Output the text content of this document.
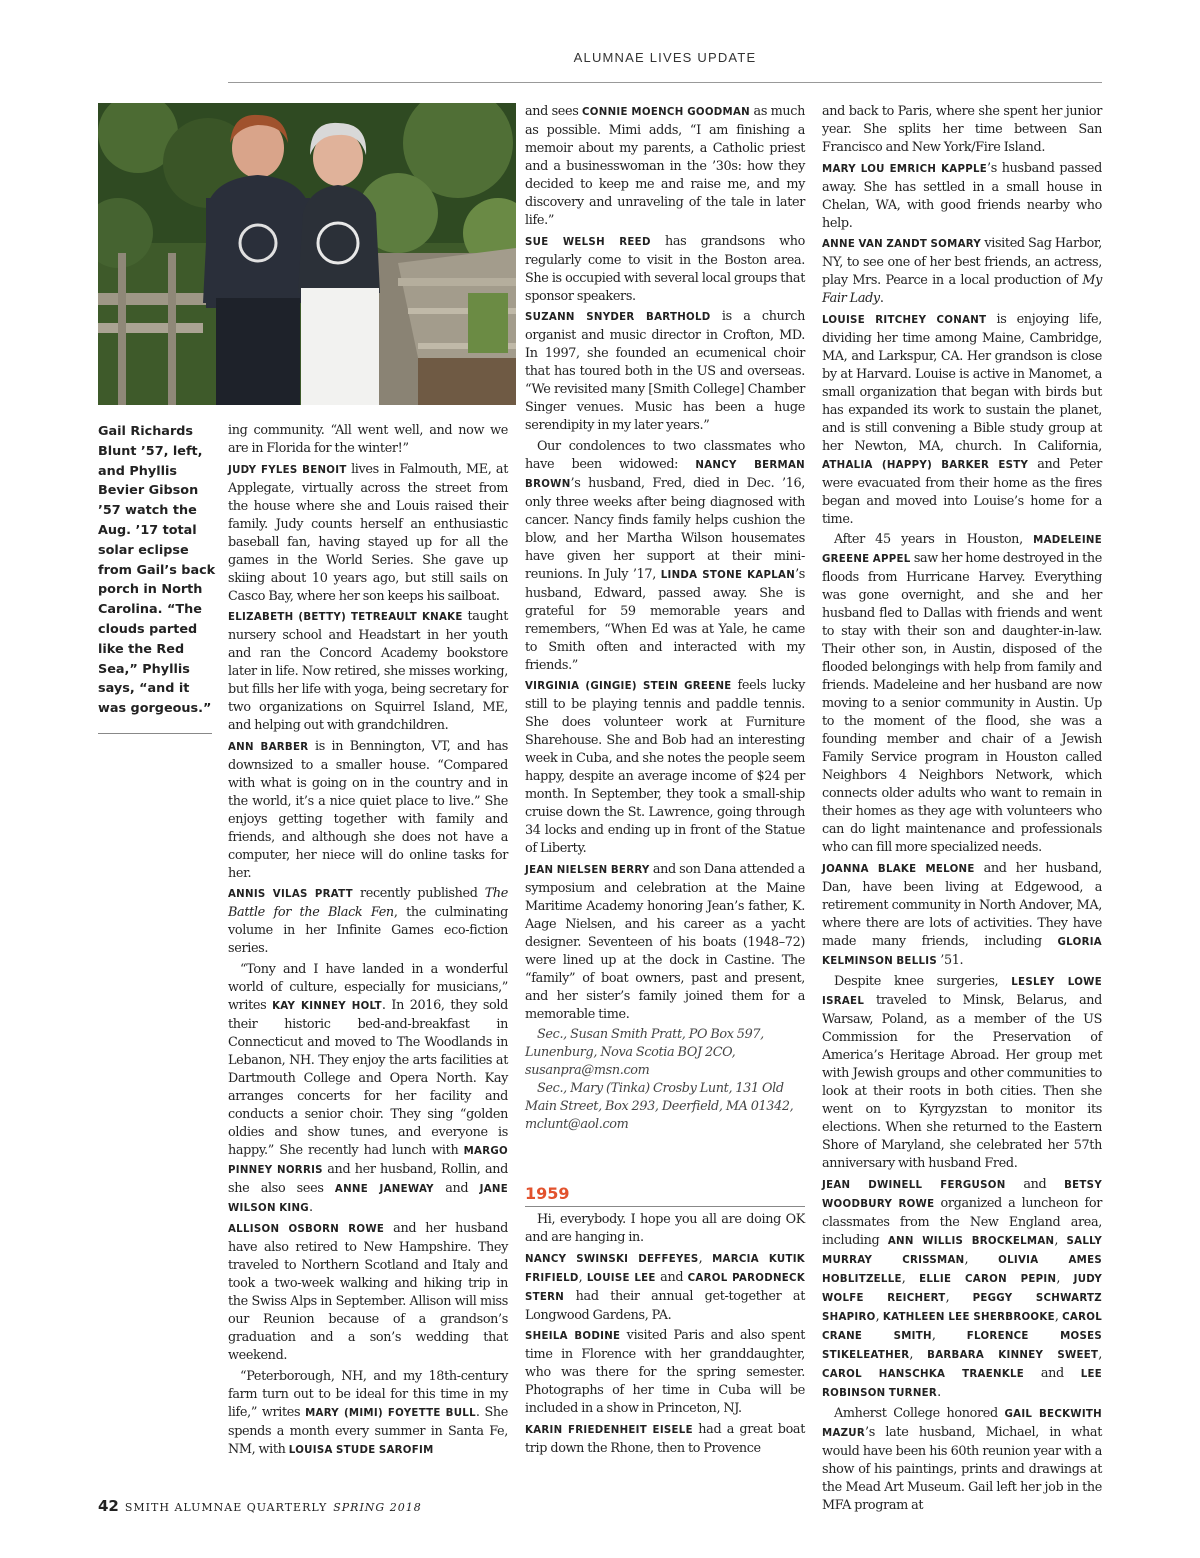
ALUMNAE LIVES UPDATE
Gail Richards Blunt ’57, left, and Phyllis Bevier Gibson ’57 watch the Aug. ’17 total solar eclipse from Gail’s back porch in North Carolina. “The clouds parted like the Red Sea,” Phyllis says, “and it was gorgeous.”

ing community. “All went well, and now we are in Florida for the winter!”

JUDY FYLES BENOIT lives in Falmouth, ME, at Applegate, virtually across the street from the house where she and Louis raised their family. Judy counts herself an enthusiastic baseball fan, having stayed up for all the games in the World Series. She gave up skiing about 10 years ago, but still sails on Casco Bay, where her son keeps his sailboat.

ELIZABETH (BETTY) TETREAULT KNAKE taught nursery school and Headstart in her youth and ran the Concord Academy bookstore later in life. Now retired, she misses working, but fills her life with yoga, being secretary for two organizations on Squirrel Island, ME, and helping out with grandchildren.

ANN BARBER is in Bennington, VT, and has downsized to a smaller house. “Compared with what is going on in the country and in the world, it’s a nice quiet place to live.” She enjoys getting together with family and friends, and although she does not have a computer, her niece will do online tasks for her.

ANNIS VILAS PRATT recently published The Battle for the Black Fen, the culminating volume in her Infinite Games eco-fiction series.

“Tony and I have landed in a wonderful world of culture, especially for musicians,” writes KAY KINNEY HOLT. In 2016, they sold their historic bed-and-breakfast in Connecticut and moved to The Woodlands in Lebanon, NH. They enjoy the arts facilities at Dartmouth College and Opera North. Kay arranges concerts for her facility and conducts a senior choir. They sing “golden oldies and show tunes, and everyone is happy.” She recently had lunch with MARGO PINNEY NORRIS and her husband, Rollin, and she also sees ANNE JANEWAY and JANE WILSON KING.

ALLISON OSBORN ROWE and her husband have also retired to New Hampshire. They traveled to Northern Scotland and Italy and took a two-week walking and hiking trip in the Swiss Alps in September. Allison will miss our Reunion because of a grandson’s graduation and a son’s wedding that weekend.

“Peterborough, NH, and my 18th-century farm turn out to be ideal for this time in my life,” writes MARY (MIMI) FOYETTE BULL. She spends a month every summer in Santa Fe, NM, with LOUISA STUDE SAROFIM

and sees CONNIE MOENCH GOODMAN as much as possible. Mimi adds, “I am finishing a memoir about my parents, a Catholic priest and a businesswoman in the ’30s: how they decided to keep me and raise me, and my discovery and unraveling of the tale in later life.”

SUE WELSH REED has grandsons who regularly come to visit in the Boston area. She is occupied with several local groups that sponsor speakers.

SUZANN SNYDER BARTHOLD is a church organist and music director in Crofton, MD. In 1997, she founded an ecumenical choir that has toured both in the US and overseas. “We revisited many [Smith College] Chamber Singer venues. Music has been a huge serendipity in my later years.”

Our condolences to two classmates who have been widowed: NANCY BERMAN BROWN’s husband, Fred, died in Dec. ’16, only three weeks after being diagnosed with cancer. Nancy finds family helps cushion the blow, and her Martha Wilson housemates have given her support at their mini-reunions. In July ’17, LINDA STONE KAPLAN’s husband, Edward, passed away. She is grateful for 59 memorable years and remembers, “When Ed was at Yale, he came to Smith often and interacted with my friends.”

VIRGINIA (GINGIE) STEIN GREENE feels lucky still to be playing tennis and paddle tennis. She does volunteer work at Furniture Sharehouse. She and Bob had an interesting week in Cuba, and she notes the people seem happy, despite an average income of $24 per month. In September, they took a small-ship cruise down the St. Lawrence, going through 34 locks and ending up in front of the Statue of Liberty.

JEAN NIELSEN BERRY and son Dana attended a symposium and celebration at the Maine Maritime Academy honoring Jean’s father, K. Aage Nielsen, and his career as a yacht designer. Seventeen of his boats (1948–72) were lined up at the dock in Castine. The “family” of boat owners, past and present, and her sister’s family joined them for a memorable time.

Sec., Susan Smith Pratt, PO Box 597, Lunenburg, Nova Scotia BOJ 2CO, susanpra@msn.com

Sec., Mary (Tinka) Crosby Lunt, 131 Old Main Street, Box 293, Deerfield, MA 01342, mclunt@aol.com

1959

Hi, everybody. I hope you all are doing OK and are hanging in.

NANCY SWINSKI DEFFEYES, MARCIA KUTIK FRIFIELD, LOUISE LEE and CAROL PARODNECK STERN had their annual get-together at Longwood Gardens, PA.

SHEILA BODINE visited Paris and also spent time in Florence with her granddaughter, who was there for the spring semester. Photographs of her time in Cuba will be included in a show in Princeton, NJ.

KARIN FRIEDENHEIT EISELE had a great boat trip down the Rhone, then to Provence

and back to Paris, where she spent her junior year. She splits her time between San Francisco and New York/Fire Island.

MARY LOU EMRICH KAPPLE’s husband passed away. She has settled in a small house in Chelan, WA, with good friends nearby who help.

ANNE VAN ZANDT SOMARY visited Sag Harbor, NY, to see one of her best friends, an actress, play Mrs. Pearce in a local production of My Fair Lady.

LOUISE RITCHEY CONANT is enjoying life, dividing her time among Maine, Cambridge, MA, and Larkspur, CA. Her grandson is close by at Harvard. Louise is active in Manomet, a small organization that began with birds but has expanded its work to sustain the planet, and is still convening a Bible study group at her Newton, MA, church. In California, ATHALIA (HAPPY) BARKER ESTY and Peter were evacuated from their home as the fires began and moved into Louise’s home for a time.

After 45 years in Houston, MADELEINE GREENE APPEL saw her home destroyed in the floods from Hurricane Harvey. Everything was gone overnight, and she and her husband fled to Dallas with friends and went to stay with their son and daughter-in-law. Their other son, in Austin, disposed of the flooded belongings with help from family and friends. Madeleine and her husband are now moving to a senior community in Austin. Up to the moment of the flood, she was a founding member and chair of a Jewish Family Service program in Houston called Neighbors 4 Neighbors Network, which connects older adults who want to remain in their homes as they age with volunteers who can do light maintenance and professionals who can fill more specialized needs.

JOANNA BLAKE MELONE and her husband, Dan, have been living at Edgewood, a retirement community in North Andover, MA, where there are lots of activities. They have made many friends, including GLORIA KELMINSON BELLIS ’51.

Despite knee surgeries, LESLEY LOWE ISRAEL traveled to Minsk, Belarus, and Warsaw, Poland, as a member of the US Commission for the Preservation of America’s Heritage Abroad. Her group met with Jewish groups and other communities to look at their roots in both cities. Then she went on to Kyrgyzstan to monitor its elections. When she returned to the Eastern Shore of Maryland, she celebrated her 57th anniversary with husband Fred.

JEAN DWINELL FERGUSON and BETSY WOODBURY ROWE organized a luncheon for classmates from the New England area, including ANN WILLIS BROCKELMAN, SALLY MURRAY CRISSMAN, OLIVIA AMES HOBLITZELLE, ELLIE CARON PEPIN, JUDY WOLFE REICHERT, PEGGY SCHWARTZ SHAPIRO, KATHLEEN LEE SHERBROOKE, CAROL CRANE SMITH, FLORENCE MOSES STIKELEATHER, BARBARA KINNEY SWEET, CAROL HANSCHKA TRAENKLE and LEE ROBINSON TURNER.

Amherst College honored GAIL BECKWITH MAZUR’s late husband, Michael, in what would have been his 60th reunion year with a show of his paintings, prints and drawings at the Mead Art Museum. Gail left her job in the MFA program at

42 SMITH ALUMNAE QUARTERLY SPRING 2018
